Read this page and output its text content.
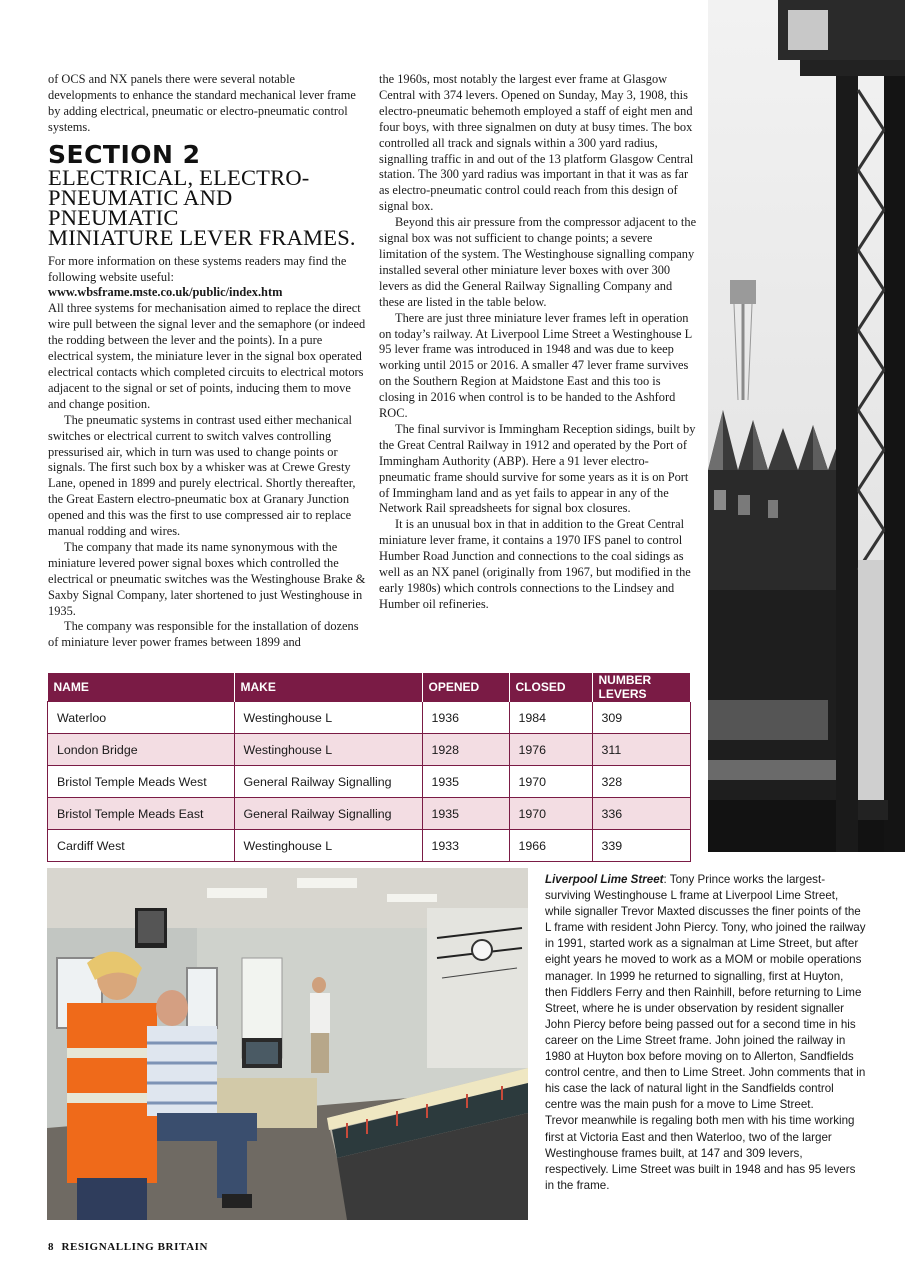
of OCS and NX panels there were several notable developments to enhance the standard mechanical lever frame by adding electrical, pneumatic or electro-pneumatic control systems.

SECTION 2
ELECTRICAL, ELECTRO-
PNEUMATIC AND PNEUMATIC
MINIATURE LEVER FRAMES.

For more information on these systems readers may find the following website useful:

www.wbsframe.mste.co.uk/public/index.htm

All three systems for mechanisation aimed to replace the direct wire pull between the signal lever and the semaphore (or indeed the rodding between the lever and the points). In a pure electrical system, the miniature lever in the signal box operated electrical contacts which completed circuits to electrical motors adjacent to the signal or set of points, inducing them to move and change position.

The pneumatic systems in contrast used either mechanical switches or electrical current to switch valves controlling pressurised air, which in turn was used to change points or signals. The first such box by a whisker was at Crewe Gresty Lane, opened in 1899 and purely electrical. Shortly thereafter, the Great Eastern electro-pneumatic box at Granary Junction opened and this was the first to use compressed air to replace manual rodding and wires.

The company that made its name synonymous with the miniature levered power signal boxes which controlled the electrical or pneumatic switches was the Westinghouse Brake & Saxby Signal Company, later shortened to just Westinghouse in 1935.

The company was responsible for the installation of dozens of miniature lever power frames between 1899 and

the 1960s, most notably the largest ever frame at Glasgow Central with 374 levers. Opened on Sunday, May 3, 1908, this electro-pneumatic behemoth employed a staff of eight men and four boys, with three signalmen on duty at busy times. The box controlled all track and signals within a 300 yard radius, signalling traffic in and out of the 13 platform Glasgow Central station. The 300 yard radius was important in that it was as far as electro-pneumatic control could reach from this design of signal box.

Beyond this air pressure from the compressor adjacent to the signal box was not sufficient to change points; a severe limitation of the system. The Westinghouse signalling company installed several other miniature lever boxes with over 300 levers as did the General Railway Signalling Company and these are listed in the table below.

There are just three miniature lever frames left in operation on today’s railway. At Liverpool Lime Street a Westinghouse L 95 lever frame was introduced in 1948 and was due to keep working until 2015 or 2016. A smaller 47 lever frame survives on the Southern Region at Maidstone East and this too is closing in 2016 when control is to be handed to the Ashford ROC.

The final survivor is Immingham Reception sidings, built by the Great Central Railway in 1912 and operated by the Port of Immingham Authority (ABP). Here a 91 lever electro-pneumatic frame should survive for some years as it is on Port of Immingham land and as yet fails to appear in any of the Network Rail spreadsheets for signal box closures.

It is an unusual box in that in addition to the Great Central miniature lever frame, it contains a 1970 IFS panel to control Humber Road Junction and connections to the coal sidings as well as an NX panel (originally from 1967, but modified in the early 1980s) which controls connections to the Lindsey and Humber oil refineries.

NAME	MAKE	OPENED	CLOSED	NUMBER LEVERS
Waterloo	Westinghouse L	1936	1984	309
London Bridge	Westinghouse L	1928	1976	311
Bristol Temple Meads West	General Railway Signalling	1935	1970	328
Bristol Temple Meads East	General Railway Signalling	1935	1970	336
Cardiff West	Westinghouse L	1933	1966	339

Liverpool Lime Street: Tony Prince works the largest-surviving Westinghouse L frame at Liverpool Lime Street, while signaller Trevor Maxted discusses the finer points of the L frame with resident John Piercy. Tony, who joined the railway in 1991, started work as a signalman at Lime Street, but after eight years he moved to work as a MOM or mobile operations manager. In 1999 he returned to signalling, first at Huyton, then Fiddlers Ferry and then Rainhill, before returning to Lime Street, where he is under observation by resident signaller John Piercy before being passed out for a second time in his career on the Lime Street frame. John joined the railway in 1980 at Huyton box before moving on to Allerton, Sandfields control centre, and then to Lime Street. John comments that in his case the lack of natural light in the Sandfields control centre was the main push for a move to Lime Street.

Trevor meanwhile is regaling both men with his time working first at Victoria East and then Waterloo, two of the larger Westinghouse frames built, at 147 and 309 levers, respectively. Lime Street was built in 1948 and has 95 levers in the frame.

8 RESIGNALLING BRITAIN
